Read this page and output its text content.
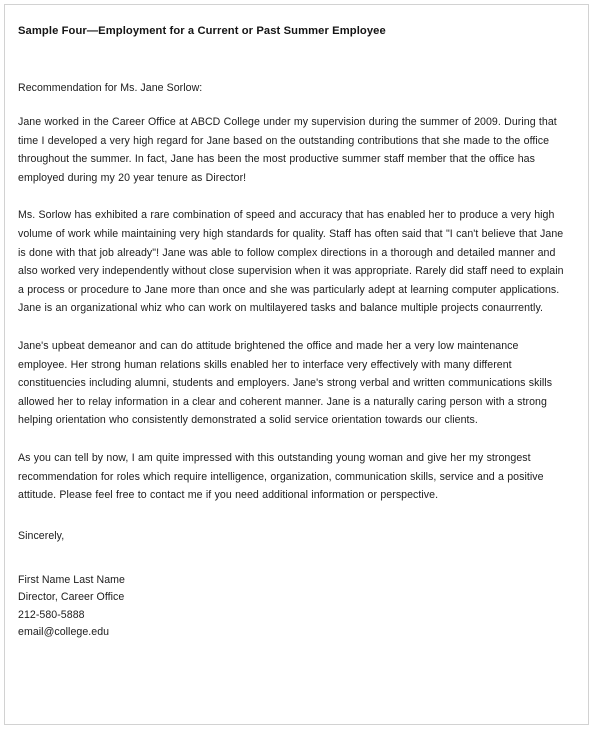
Sample Four—Employment for a Current or Past Summer Employee

Recommendation for Ms. Jane Sorlow:

Jane worked in the Career Office at ABCD College under my supervision during the summer of 2009. During that time I developed a very high regard for Jane based on the outstanding contributions that she made to the office throughout the summer. In fact, Jane has been the most productive summer staff member that the office has employed during my 20 year tenure as Director!

Ms. Sorlow has exhibited a rare combination of speed and accuracy that has enabled her to produce a very high volume of work while maintaining very high standards for quality. Staff has often said that "I can't believe that Jane is done with that job already"! Jane was able to follow complex directions in a thorough and detailed manner and also worked very independently without close supervision when it was appropriate. Rarely did staff need to explain a process or procedure to Jane more than once and she was particularly adept at learning computer applications. Jane is an organizational whiz who can work on multilayered tasks and balance multiple projects conaurrently.

Jane's upbeat demeanor and can do attitude brightened the office and made her a very low maintenance employee. Her strong human relations skills enabled her to interface very effectively with many different constituencies including alumni, students and employers. Jane's strong verbal and written communications skills allowed her to relay information in a clear and coherent manner. Jane is a naturally caring person with a strong helping orientation who consistently demonstrated a solid service orientation towards our clients.

As you can tell by now, I am quite impressed with this outstanding young woman and give her my strongest recommendation for roles which require intelligence, organization, communication skills, service and a positive attitude. Please feel free to contact me if you need additional information or perspective.

Sincerely,

First Name Last Name
Director, Career Office
212-580-5888
email@college.edu
